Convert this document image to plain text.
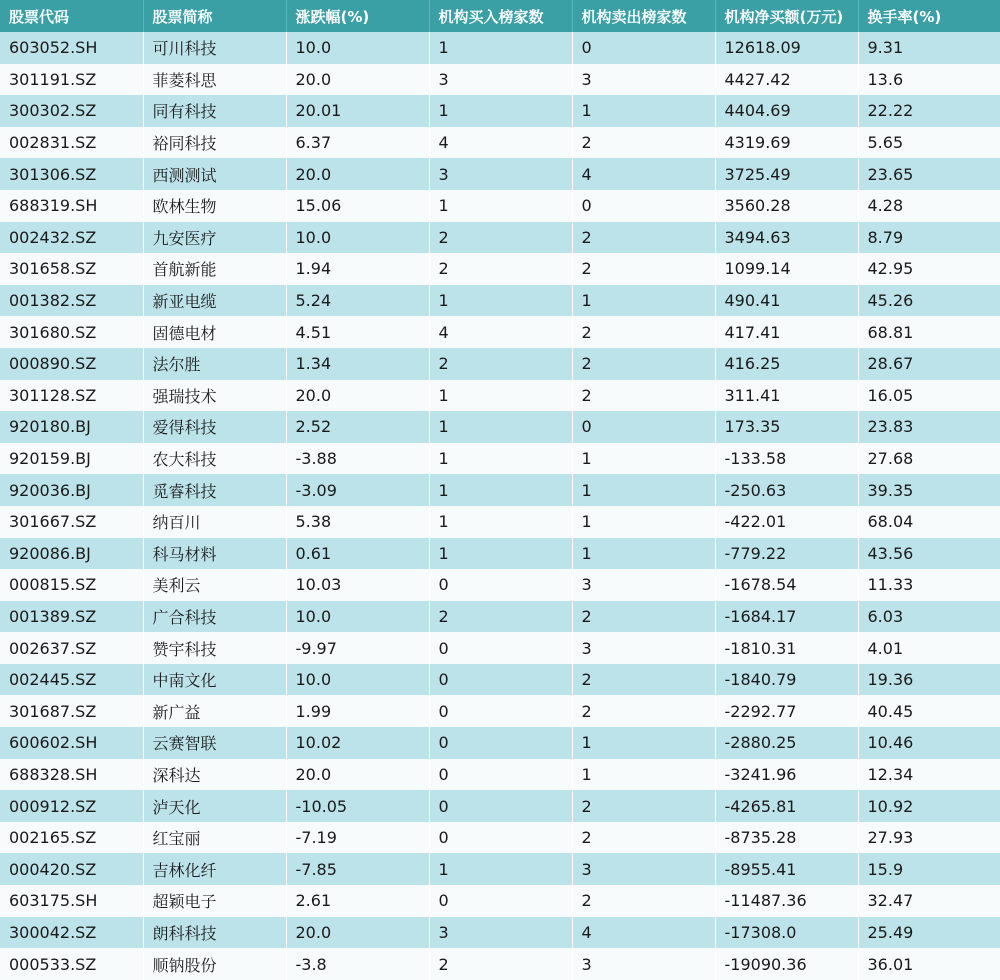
股票代码	股票简称	涨跌幅(%)	机构买入榜家数	机构卖出榜家数	机构净买额(万元)	换手率(%)
603052.SH	可川科技	10.0	1	0	12618.09	9.31
301191.SZ	菲菱科思	20.0	3	3	4427.42	13.6
300302.SZ	同有科技	20.01	1	1	4404.69	22.22
002831.SZ	裕同科技	6.37	4	2	4319.69	5.65
301306.SZ	西测测试	20.0	3	4	3725.49	23.65
688319.SH	欧林生物	15.06	1	0	3560.28	4.28
002432.SZ	九安医疗	10.0	2	2	3494.63	8.79
301658.SZ	首航新能	1.94	2	2	1099.14	42.95
001382.SZ	新亚电缆	5.24	1	1	490.41	45.26
301680.SZ	固德电材	4.51	4	2	417.41	68.81
000890.SZ	法尔胜	1.34	2	2	416.25	28.67
301128.SZ	强瑞技术	20.0	1	2	311.41	16.05
920180.BJ	爱得科技	2.52	1	0	173.35	23.83
920159.BJ	农大科技	-3.88	1	1	-133.58	27.68
920036.BJ	觅睿科技	-3.09	1	1	-250.63	39.35
301667.SZ	纳百川	5.38	1	1	-422.01	68.04
920086.BJ	科马材料	0.61	1	1	-779.22	43.56
000815.SZ	美利云	10.03	0	3	-1678.54	11.33
001389.SZ	广合科技	10.0	2	2	-1684.17	6.03
002637.SZ	赞宇科技	-9.97	0	3	-1810.31	4.01
002445.SZ	中南文化	10.0	0	2	-1840.79	19.36
301687.SZ	新广益	1.99	0	2	-2292.77	40.45
600602.SH	云赛智联	10.02	0	1	-2880.25	10.46
688328.SH	深科达	20.0	0	1	-3241.96	12.34
000912.SZ	泸天化	-10.05	0	2	-4265.81	10.92
002165.SZ	红宝丽	-7.19	0	2	-8735.28	27.93
000420.SZ	吉林化纤	-7.85	1	3	-8955.41	15.9
603175.SH	超颖电子	2.61	0	2	-11487.36	32.47
300042.SZ	朗科科技	20.0	3	4	-17308.0	25.49
000533.SZ	顺钠股份	-3.8	2	3	-19090.36	36.01
